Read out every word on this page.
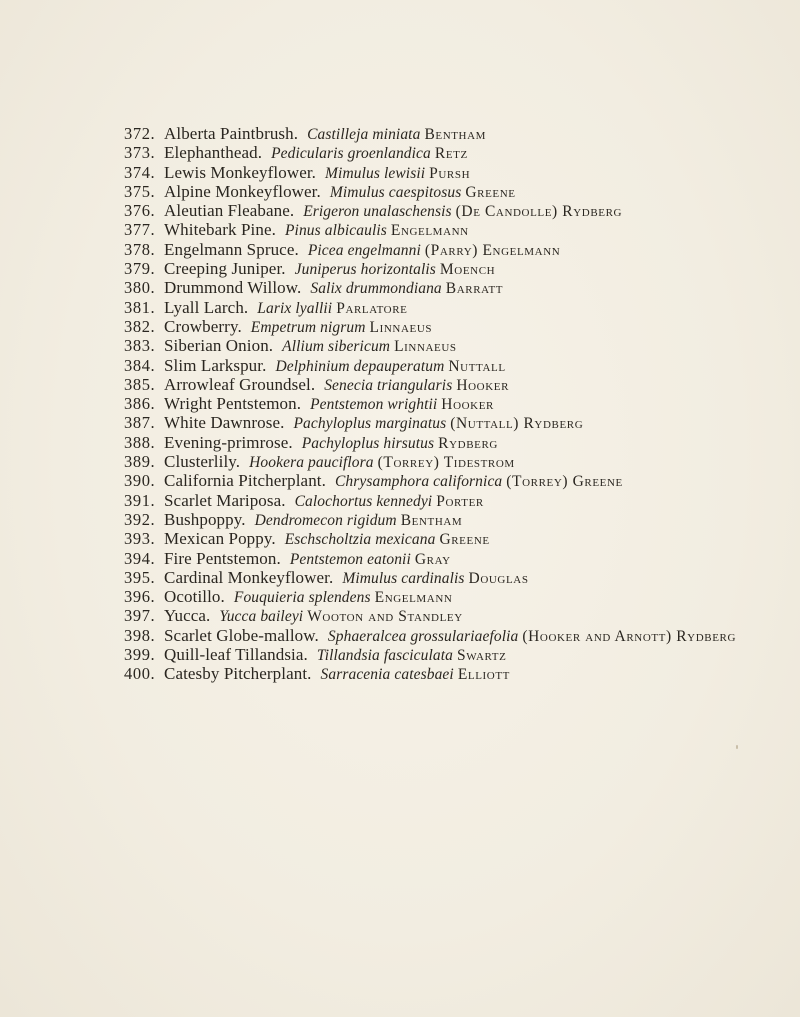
372. Alberta Paintbrush. Castilleja miniata Bentham
373. Elephanthead. Pedicularis groenlandica Retz
374. Lewis Monkeyflower. Mimulus lewisii Pursh
375. Alpine Monkeyflower. Mimulus caespitosus Greene
376. Aleutian Fleabane. Erigeron unalaschensis (De Candolle) Rydberg
377. Whitebark Pine. Pinus albicaulis Engelmann
378. Engelmann Spruce. Picea engelmanni (Parry) Engelmann
379. Creeping Juniper. Juniperus horizontalis Moench
380. Drummond Willow. Salix drummondiana Barratt
381. Lyall Larch. Larix lyallii Parlatore
382. Crowberry. Empetrum nigrum Linnaeus
383. Siberian Onion. Allium sibericum Linnaeus
384. Slim Larkspur. Delphinium depauperatum Nuttall
385. Arrowleaf Groundsel. Senecia triangularis Hooker
386. Wright Pentstemon. Pentstemon wrightii Hooker
387. White Dawnrose. Pachyloplus marginatus (Nuttall) Rydberg
388. Evening-primrose. Pachyloplus hirsutus Rydberg
389. Clusterlily. Hookera pauciflora (Torrey) Tidestrom
390. California Pitcherplant. Chrysamphora californica (Torrey) Greene
391. Scarlet Mariposa. Calochortus kennedyi Porter
392. Bushpoppy. Dendromecon rigidum Bentham
393. Mexican Poppy. Eschscholtzia mexicana Greene
394. Fire Pentstemon. Pentstemon eatonii Gray
395. Cardinal Monkeyflower. Mimulus cardinalis Douglas
396. Ocotillo. Fouquieria splendens Engelmann
397. Yucca. Yucca baileyi Wooton and Standley
398. Scarlet Globe-mallow. Sphaeralcea grossulariaefolia (Hooker and Arnott) Rydberg
399. Quill-leaf Tillandsia. Tillandsia fasciculata Swartz
400. Catesby Pitcherplant. Sarracenia catesbaei Elliott
